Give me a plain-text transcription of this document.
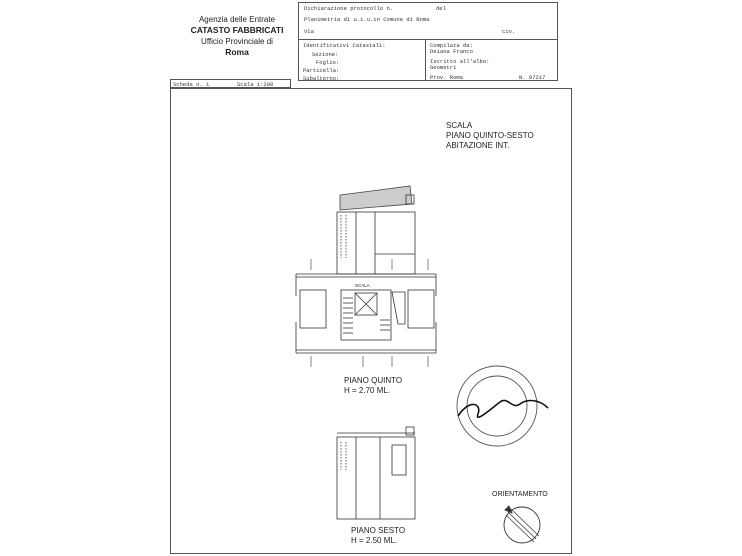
Agenzia delle Entrate
CATASTO FABBRICATI
Ufficio Provinciale di
Roma
Dichiarazione protocollo n.	del
Planimetria di u.i.u.in Comune di Roma
Via	civ.
Identificativi Catastali:
Sezione:
Foglio:
Particella:
Subalterno:
Compilata da:
Deiana Franco
Iscritto all'albo:
Geometri
Prov. Roma	N. 07217
Scheda n. 1	Scala 1:200
SCALA
PIANO QUINTO-SESTO
ABITAZIONE INT.
SCALA
PIANO QUINTO
H = 2.70 ML.
PIANO SESTO
H = 2.50 ML.
ORIENTAMENTO
